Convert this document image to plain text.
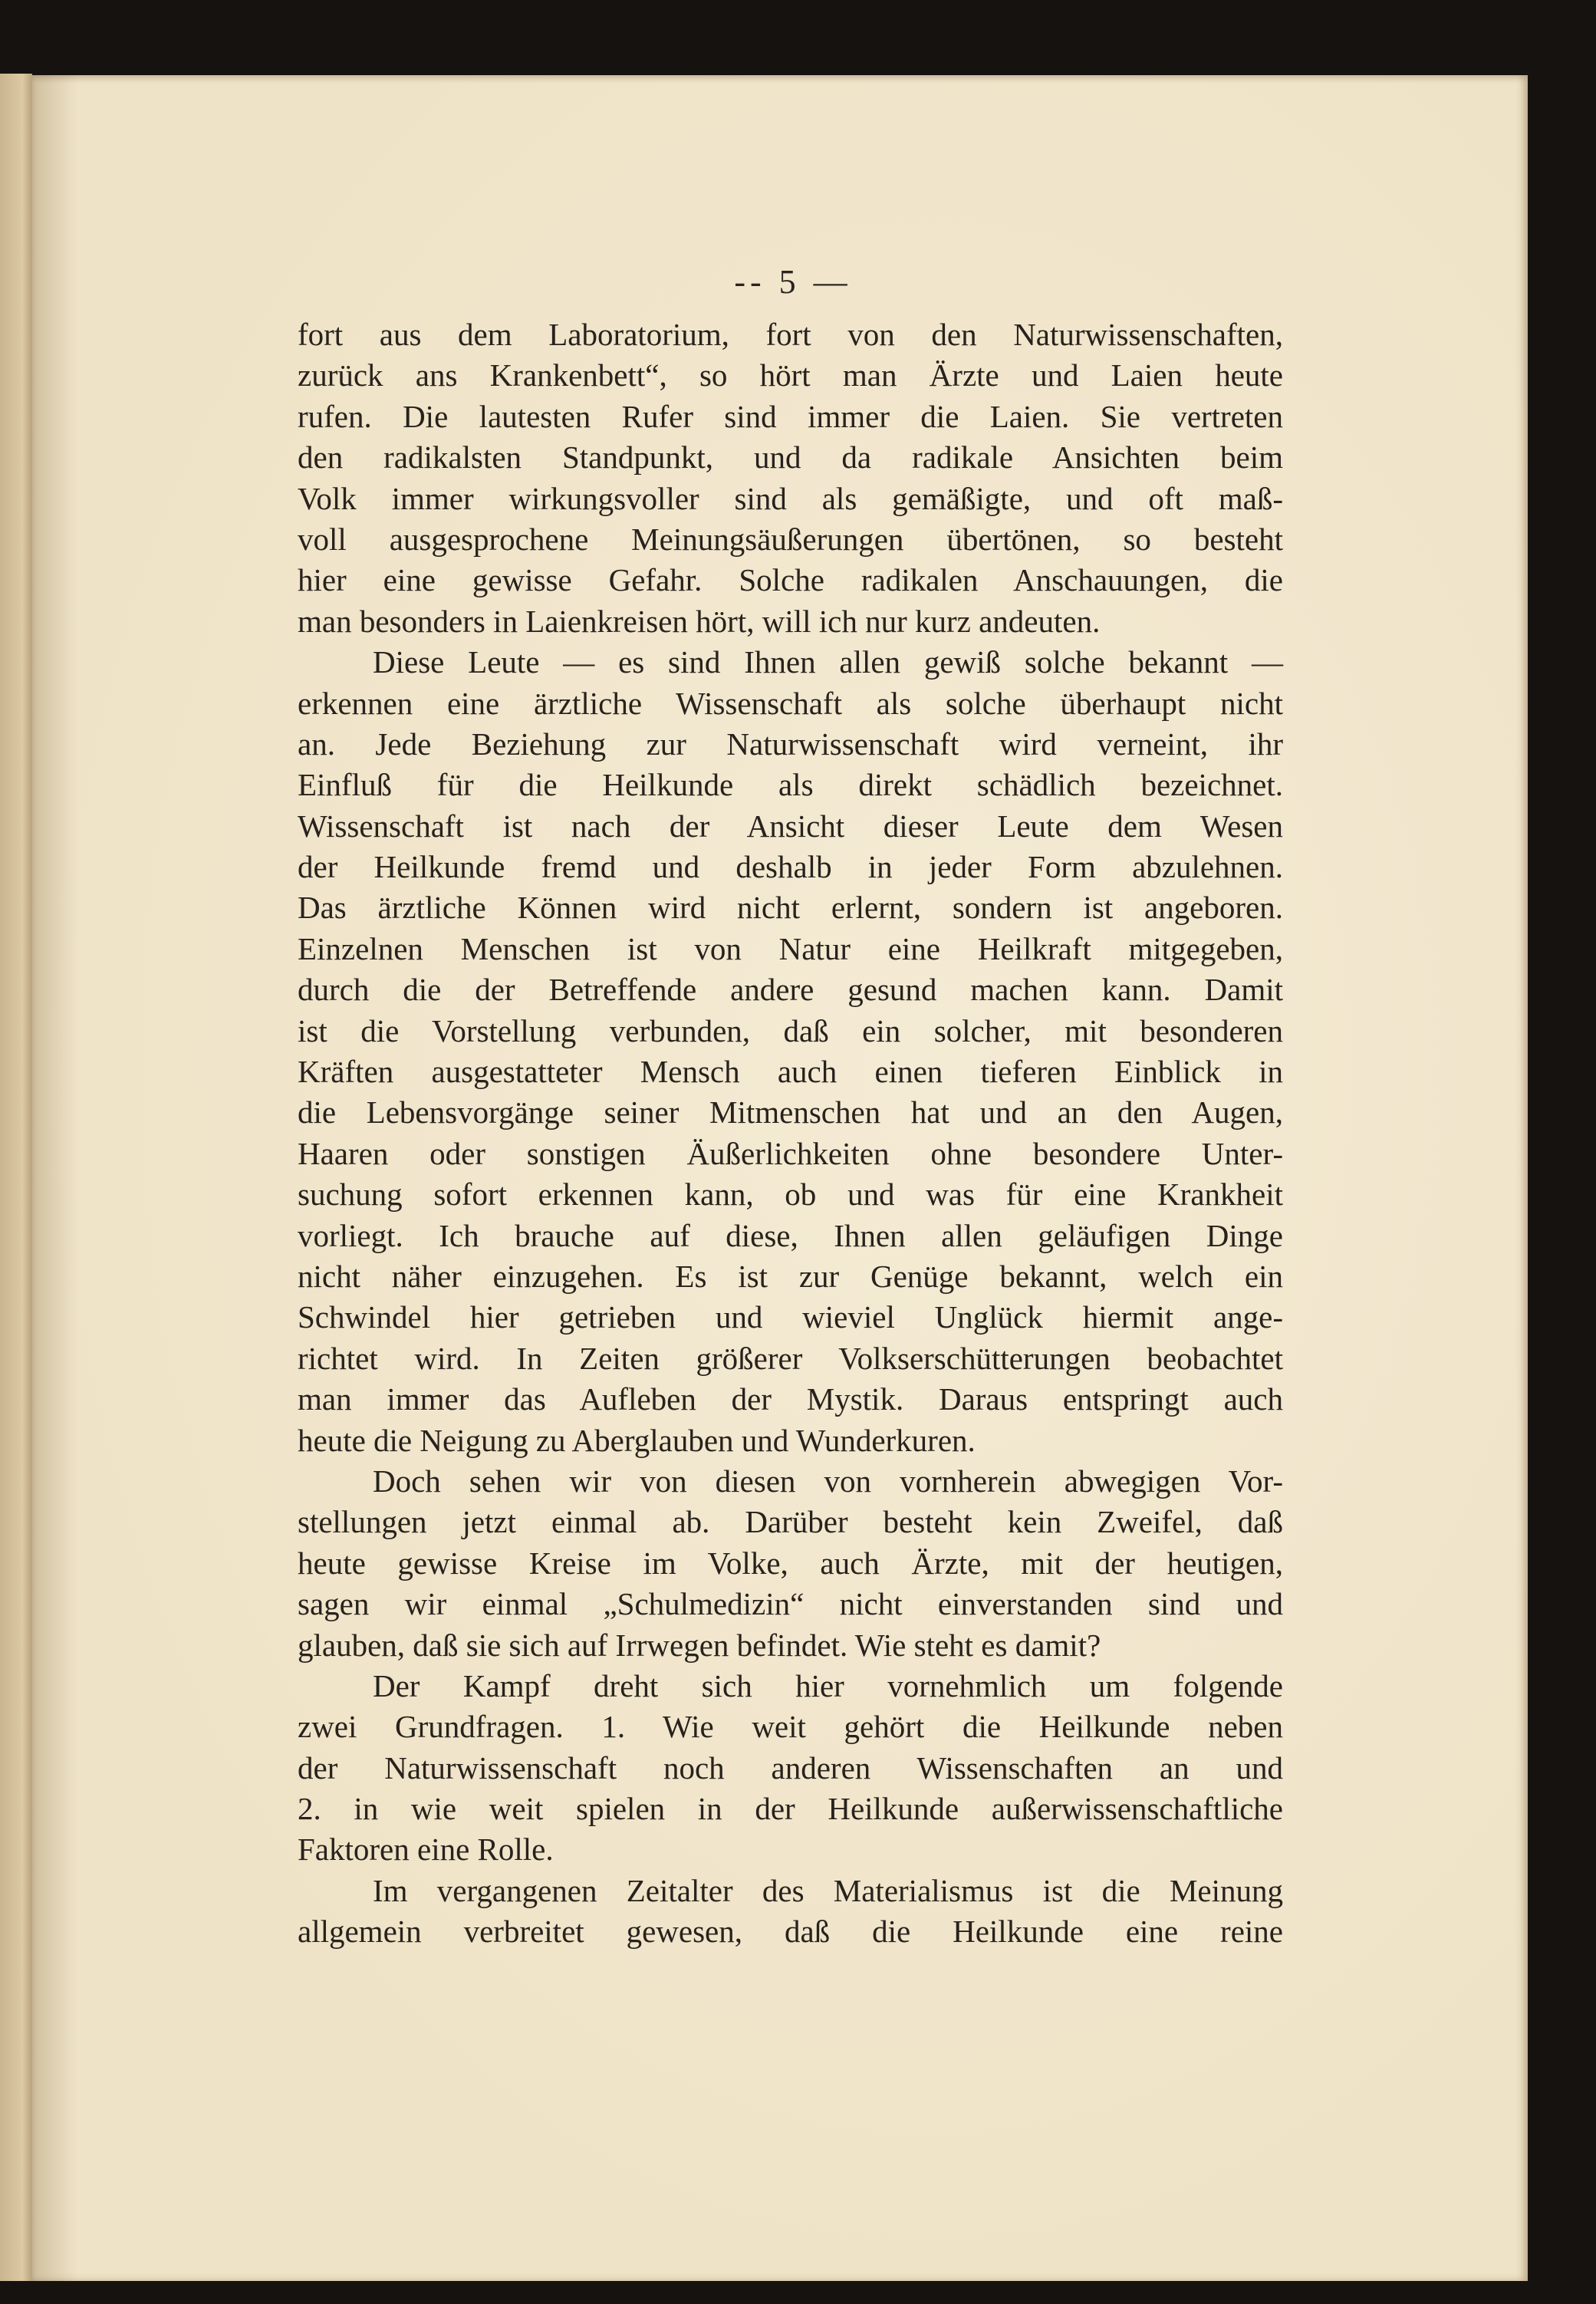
-- 5 —
fort aus dem Laboratorium, fort von den Naturwissenschaften,
zurück ans Krankenbett“, so hört man Ärzte und Laien heute
rufen. Die lautesten Rufer sind immer die Laien. Sie vertreten
den radikalsten Standpunkt, und da radikale Ansichten beim
Volk immer wirkungsvoller sind als gemäßigte, und oft maß-
voll ausgesprochene Meinungsäußerungen übertönen, so besteht
hier eine gewisse Gefahr. Solche radikalen Anschauungen, die
man besonders in Laienkreisen hört, will ich nur kurz andeuten.
Diese Leute — es sind Ihnen allen gewiß solche bekannt —
erkennen eine ärztliche Wissenschaft als solche überhaupt nicht
an. Jede Beziehung zur Naturwissenschaft wird verneint, ihr
Einfluß für die Heilkunde als direkt schädlich bezeichnet.
Wissenschaft ist nach der Ansicht dieser Leute dem Wesen
der Heilkunde fremd und deshalb in jeder Form abzulehnen.
Das ärztliche Können wird nicht erlernt, sondern ist angeboren.
Einzelnen Menschen ist von Natur eine Heilkraft mitgegeben,
durch die der Betreffende andere gesund machen kann. Damit
ist die Vorstellung verbunden, daß ein solcher, mit besonderen
Kräften ausgestatteter Mensch auch einen tieferen Einblick in
die Lebensvorgänge seiner Mitmenschen hat und an den Augen,
Haaren oder sonstigen Äußerlichkeiten ohne besondere Unter-
suchung sofort erkennen kann, ob und was für eine Krankheit
vorliegt. Ich brauche auf diese, Ihnen allen geläufigen Dinge
nicht näher einzugehen. Es ist zur Genüge bekannt, welch ein
Schwindel hier getrieben und wieviel Unglück hiermit ange-
richtet wird. In Zeiten größerer Volkserschütterungen beobachtet
man immer das Aufleben der Mystik. Daraus entspringt auch
heute die Neigung zu Aberglauben und Wunderkuren.
Doch sehen wir von diesen von vornherein abwegigen Vor-
stellungen jetzt einmal ab. Darüber besteht kein Zweifel, daß
heute gewisse Kreise im Volke, auch Ärzte, mit der heutigen,
sagen wir einmal „Schulmedizin“ nicht einverstanden sind und
glauben, daß sie sich auf Irrwegen befindet. Wie steht es damit?
Der Kampf dreht sich hier vornehmlich um folgende
zwei Grundfragen. 1. Wie weit gehört die Heilkunde neben
der Naturwissenschaft noch anderen Wissenschaften an und
2. in wie weit spielen in der Heilkunde außerwissenschaftliche
Faktoren eine Rolle.
Im vergangenen Zeitalter des Materialismus ist die Meinung
allgemein verbreitet gewesen, daß die Heilkunde eine reine
